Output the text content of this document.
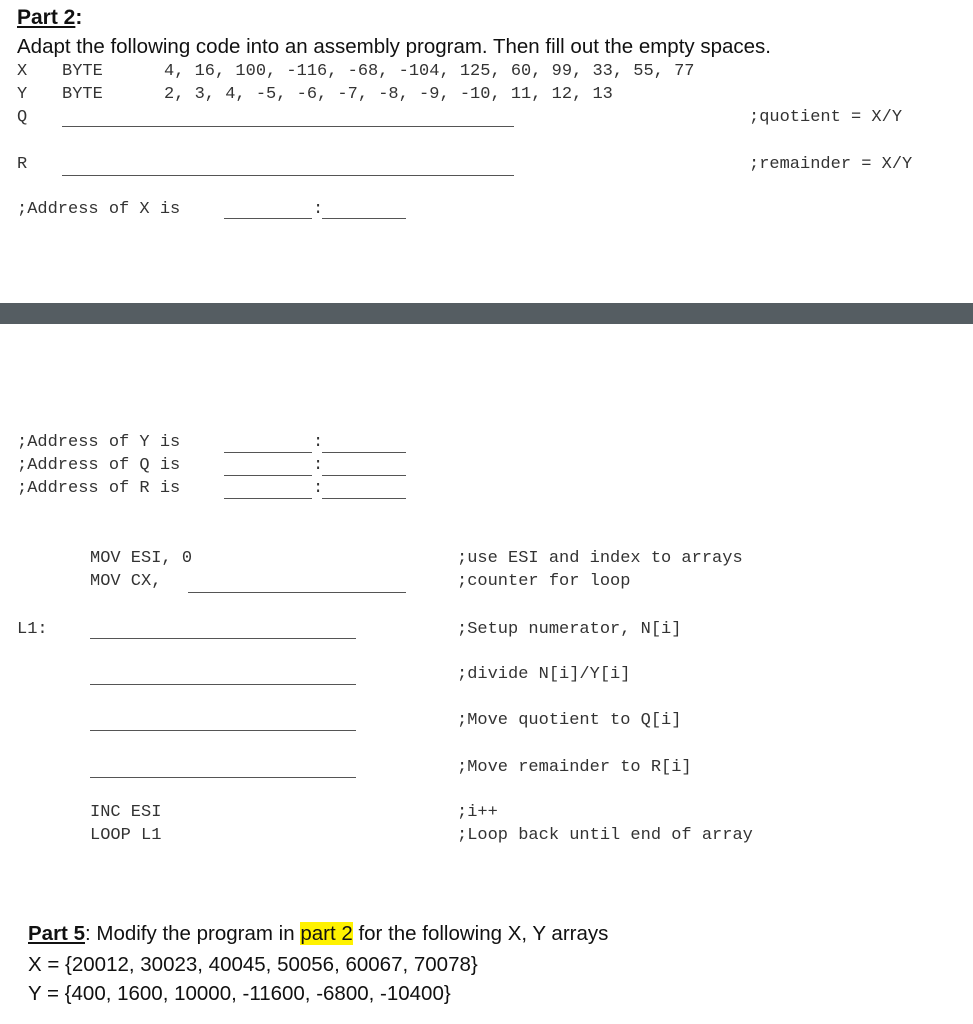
Part 2:
Adapt the following code into an assembly program. Then fill out the empty spaces.
X BYTE	4, 16, 100, -116, -68, -104, 125, 60, 99, 33, 55, 77
Y BYTE	2, 3, 4, -5, -6, -7, -8, -9, -10, 11, 12, 13
Q	;quotient = X/Y
R	;remainder = X/Y
;Address of X is	:
;Address of Y is	:
;Address of Q is	:
;Address of R is	:
MOV ESI, 0	;use ESI and index to arrays
MOV CX,	;counter for loop
L1:	;Setup numerator, N[i]
;divide N[i]/Y[i]
;Move quotient to Q[i]
;Move remainder to R[i]
INC ESI	;i++
LOOP L1	;Loop back until end of array
Part 5: Modify the program in part 2 for the following X, Y arrays
X = {20012, 30023, 40045, 50056, 60067, 70078}
Y = {400, 1600, 10000, -11600, -6800, -10400}
